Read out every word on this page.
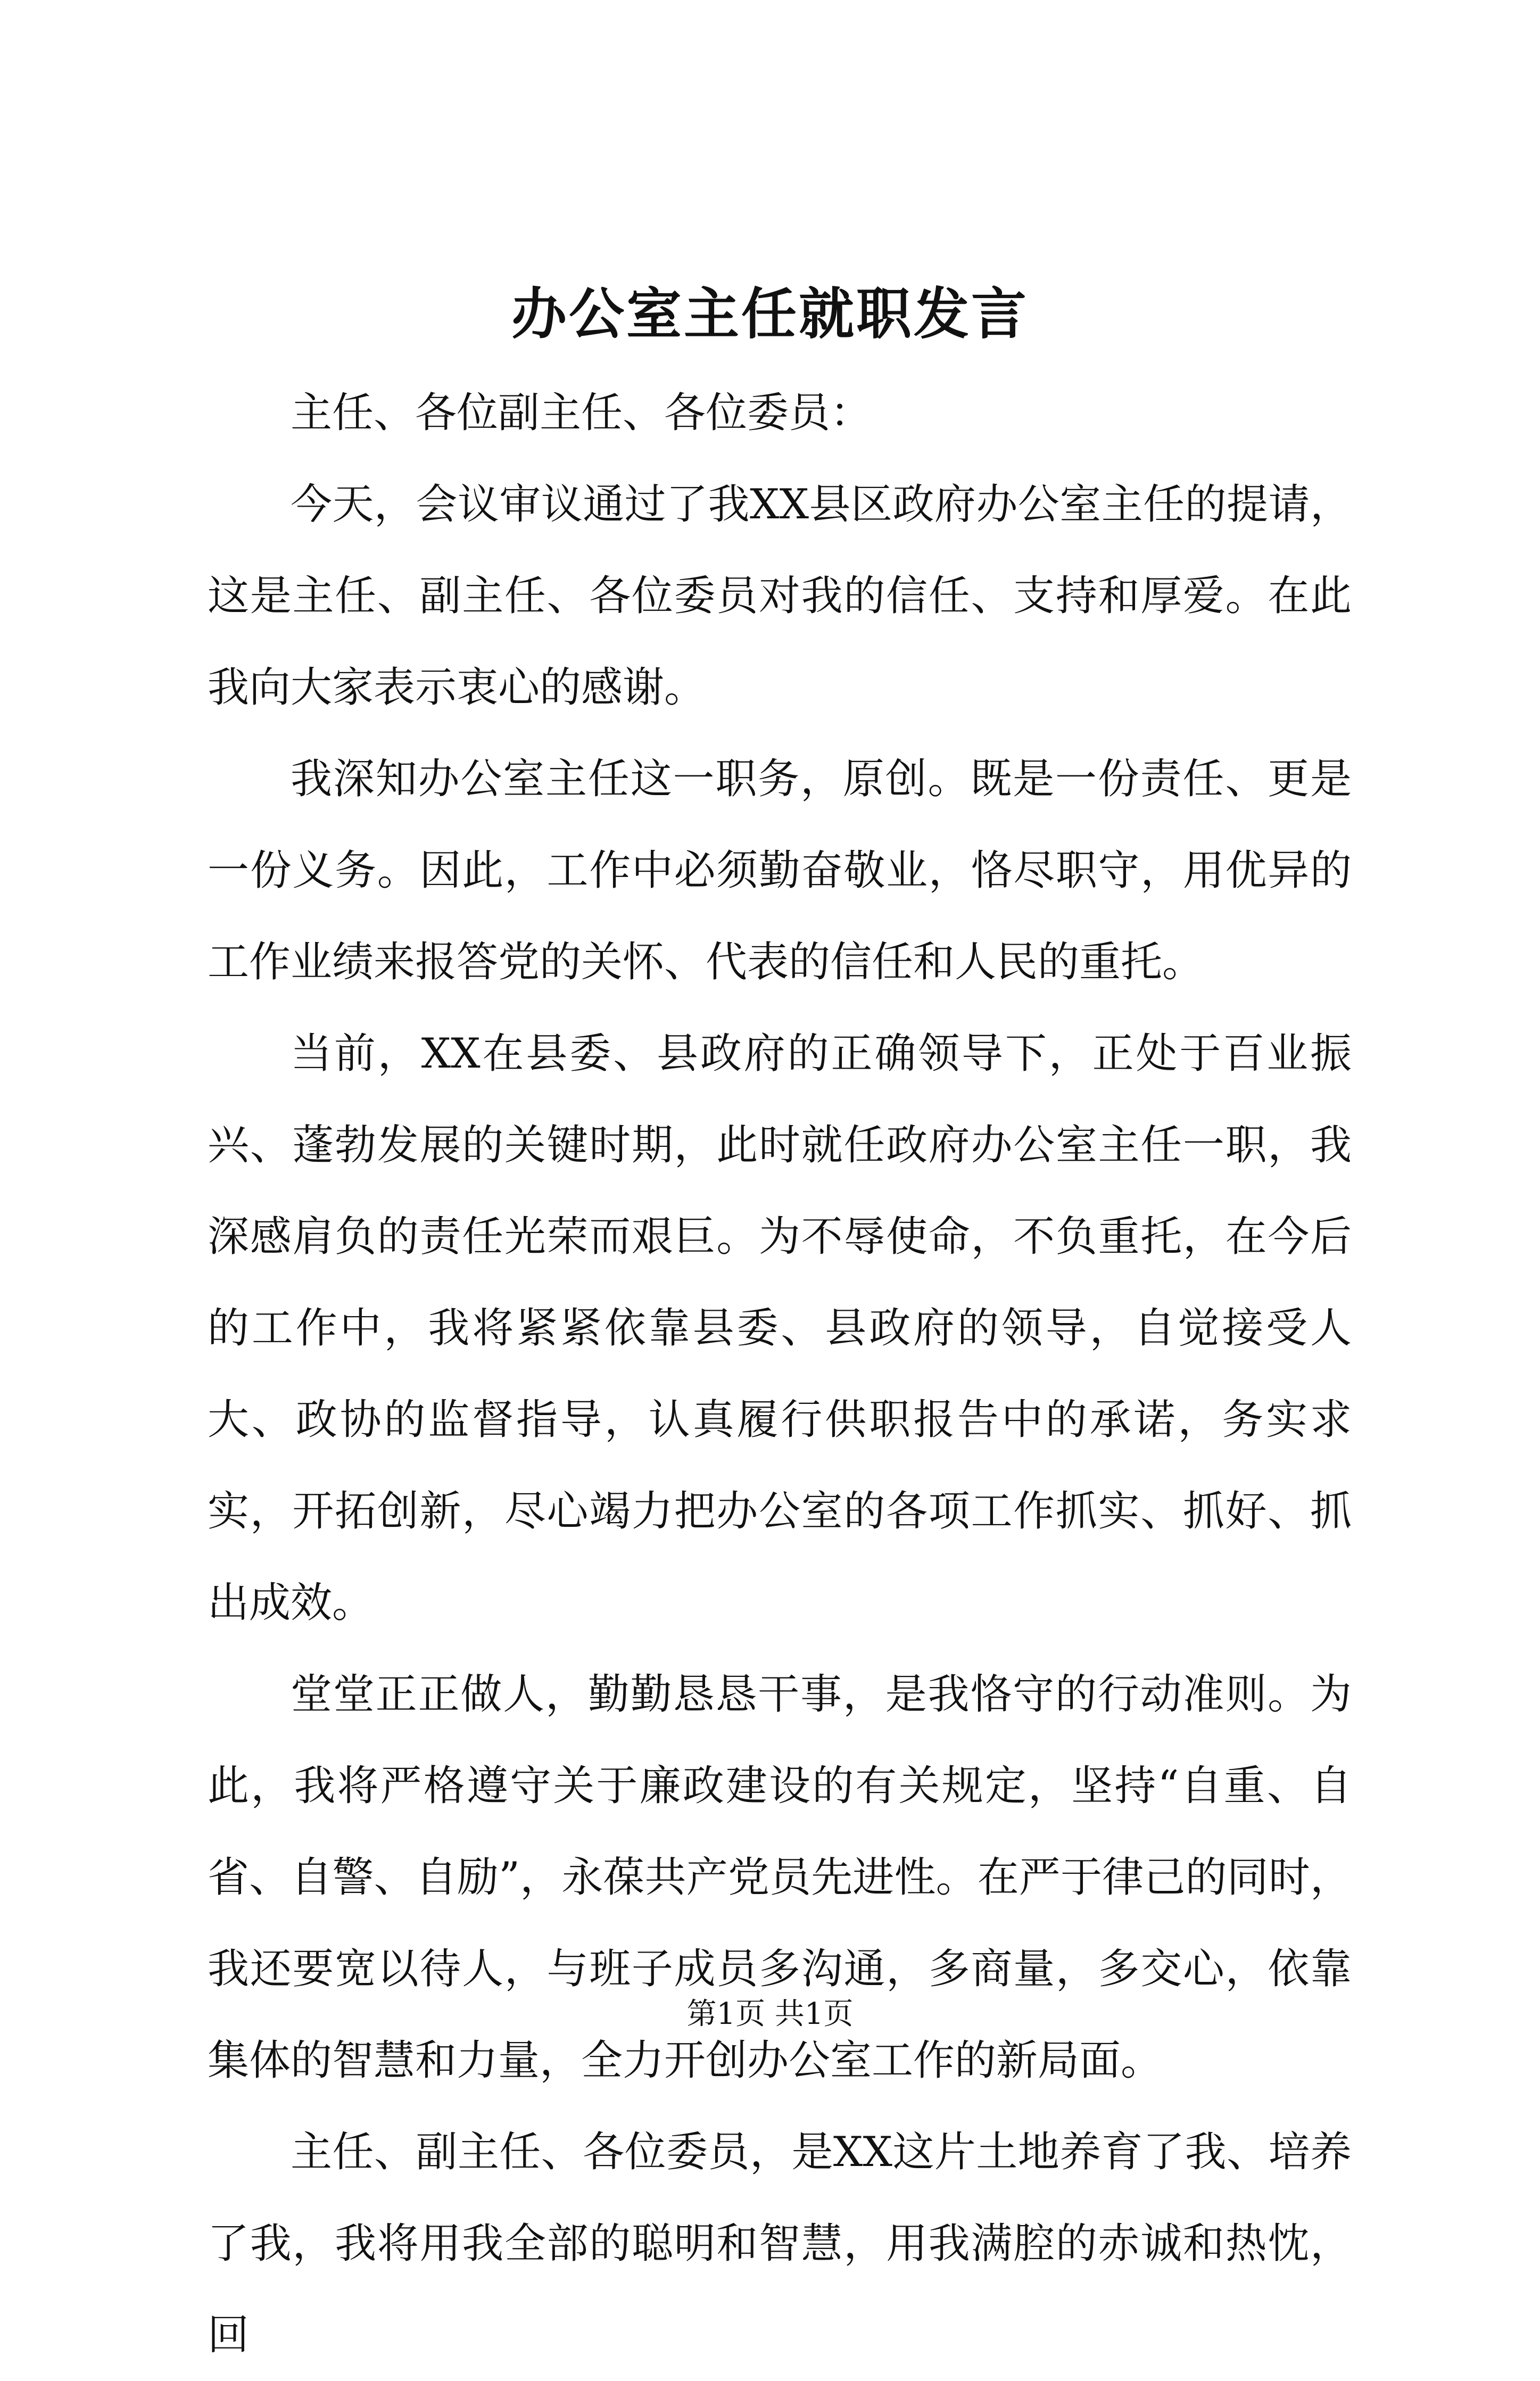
办公室主任就职发言

主任、各位副主任、各位委员：

今天，会议审议通过了我XX县区政府办公室主任的提请，这是主任、副主任、各位委员对我的信任、支持和厚爱。在此我向大家表示衷心的感谢。

我深知办公室主任这一职务，原创。既是一份责任、更是一份义务。因此，工作中必须勤奋敬业，恪尽职守，用优异的工作业绩来报答党的关怀、代表的信任和人民的重托。

当前，XX在县委、县政府的正确领导下，正处于百业振兴、蓬勃发展的关键时期，此时就任政府办公室主任一职，我深感肩负的责任光荣而艰巨。为不辱使命，不负重托，在今后的工作中，我将紧紧依靠县委、县政府的领导，自觉接受人大、政协的监督指导，认真履行供职报告中的承诺，务实求实，开拓创新，尽心竭力把办公室的各项工作抓实、抓好、抓出成效。

堂堂正正做人，勤勤恳恳干事，是我恪守的行动准则。为此，我将严格遵守关于廉政建设的有关规定，坚持“自重、自省、自警、自励”，永葆共产党员先进性。在严于律己的同时，我还要宽以待人，与班子成员多沟通，多商量，多交心，依靠集体的智慧和力量，全力开创办公室工作的新局面。

主任、副主任、各位委员，是XX这片土地养育了我、培养了我，我将用我全部的聪明和智慧，用我满腔的赤诚和热忱，回

第1页 共1页
